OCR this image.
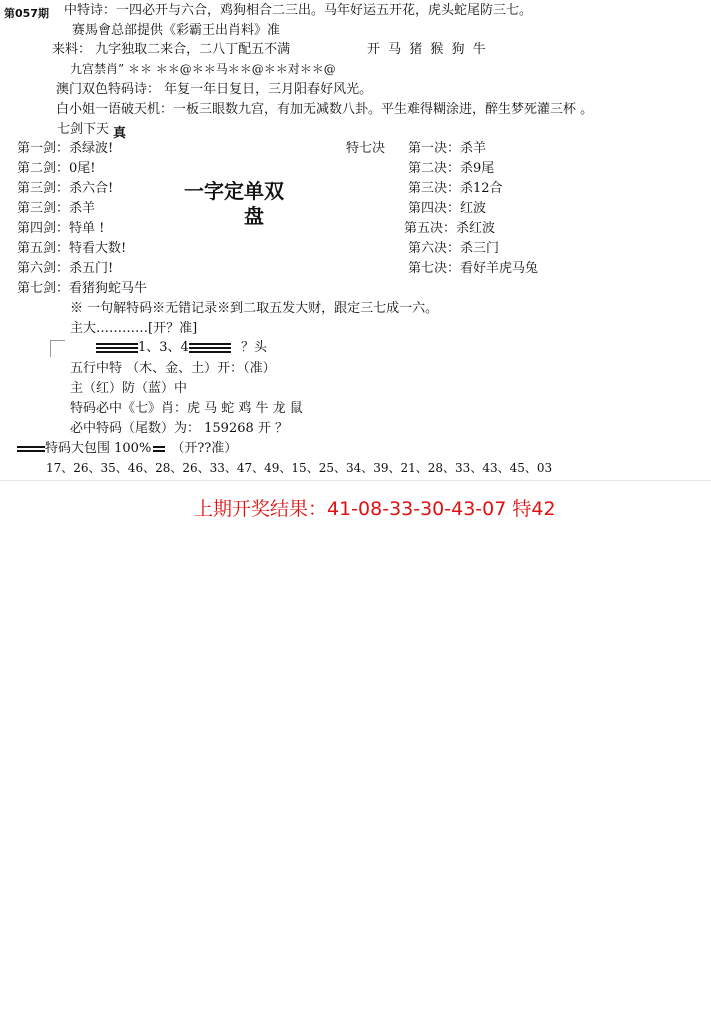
第057期 中特诗：一四必开与六合，鸡狗相合二三出。马年好运五开花，虎头蛇尾防三七。
赛馬會总部提供《彩霸王出肖料》准
来料： 九字独取二来合，二八丁配五不满	开 马 猪 猴 狗 牛
九宫禁肖” ＊＊ ＊＊@＊＊马＊＊@＊＊对＊＊@
澳门双色特码诗： 年复一年日复日，三月阳春好风光。
白小姐一语破天机：一板三眼数九宫，有加无减数八卦。平生难得糊涂进，醉生梦死灌三杯 。
七剑下天 真
第一剑：杀绿波!
第二剑：0尾!
第三剑：杀六合!
第三剑：杀羊
第四剑：特单 !
第五剑：特看大数!
第六剑：杀五门!
第七剑：看猪狗蛇马牛
一字定单双
盘
特七决 第一决：杀羊
第二决：杀9尾
第三决：杀12合
第四决：红波
第五决：杀红波
第六决：杀三门
第七决：看好羊虎马兔
※ 一句解特码※无错记录※到二取五发大财，跟定三七成一六。
主大…………[开？准]
1、3、4	？头
五行中特 （木、金、土）开：（准）
主（红）防（蓝）中
特码必中《七》肖：虎 马 蛇 鸡 牛 龙 鼠
必中特码（尾数）为： 159268 开 ？
特码大包围 100% （开??准）
17、26、35、46、28、26、33、47、49、15、25、34、39、21、28、33、43、45、03
上期开奖结果：41-08-33-30-43-07 特42
